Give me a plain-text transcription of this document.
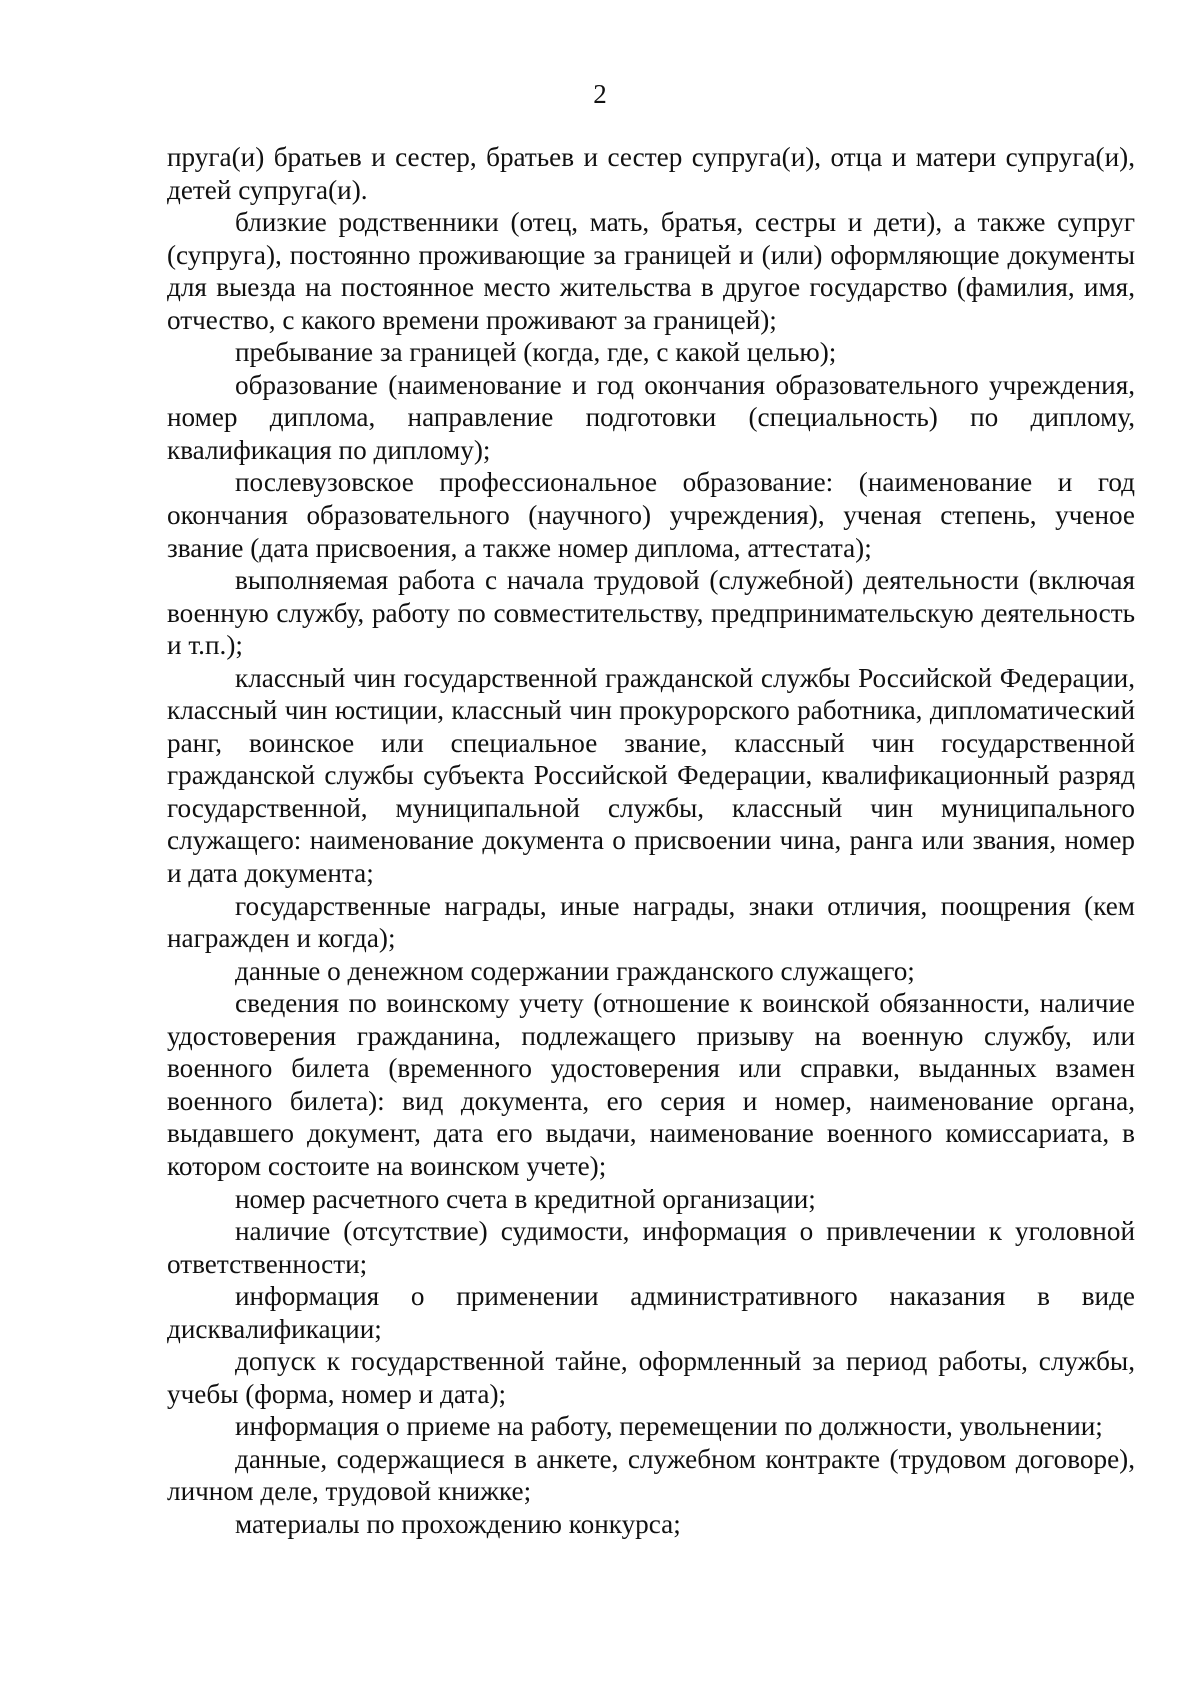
2

пруга(и) братьев и сестер, братьев и сестер супруга(и), отца и матери супруга(и), детей супруга(и).

близкие родственники (отец, мать, братья, сестры и дети), а также супруг (супруга), постоянно проживающие за границей и (или) оформляющие документы для выезда на постоянное место жительства в другое государство (фамилия, имя, отчество, с какого времени проживают за границей);

пребывание за границей (когда, где, с какой целью);

образование (наименование и год окончания образовательного учреждения, номер диплома, направление подготовки (специальность) по диплому, квалификация по диплому);

послевузовское профессиональное образование: (наименование и год окончания образовательного (научного) учреждения), ученая степень, ученое звание (дата присвоения, а также номер диплома, аттестата);

выполняемая работа с начала трудовой (служебной) деятельности (включая военную службу, работу по совместительству, предпринимательскую деятельность и т.п.);

классный чин государственной гражданской службы Российской Федерации, классный чин юстиции, классный чин прокурорского работника, дипломатический ранг, воинское или специальное звание, классный чин государственной гражданской службы субъекта Российской Федерации, квалификационный разряд государственной, муниципальной службы, классный чин муниципального служащего: наименование документа о присвоении чина, ранга или звания, номер и дата документа;

государственные награды, иные награды, знаки отличия, поощрения (кем награжден и когда);

данные о денежном содержании гражданского служащего;

сведения по воинскому учету (отношение к воинской обязанности, наличие удостоверения гражданина, подлежащего призыву на военную службу, или военного билета (временного удостоверения или справки, выданных взамен военного билета): вид документа, его серия и номер, наименование органа, выдавшего документ, дата его выдачи, наименование военного комиссариата, в котором состоите на воинском учете);

номер расчетного счета в кредитной организации;

наличие (отсутствие) судимости, информация о привлечении к уголовной ответственности;

информация о применении административного наказания в виде дисквалификации;

допуск к государственной тайне, оформленный за период работы, службы, учебы (форма, номер и дата);

информация о приеме на работу, перемещении по должности, увольнении;

данные, содержащиеся в анкете, служебном контракте (трудовом договоре), личном деле, трудовой книжке;

материалы по прохождению конкурса;
